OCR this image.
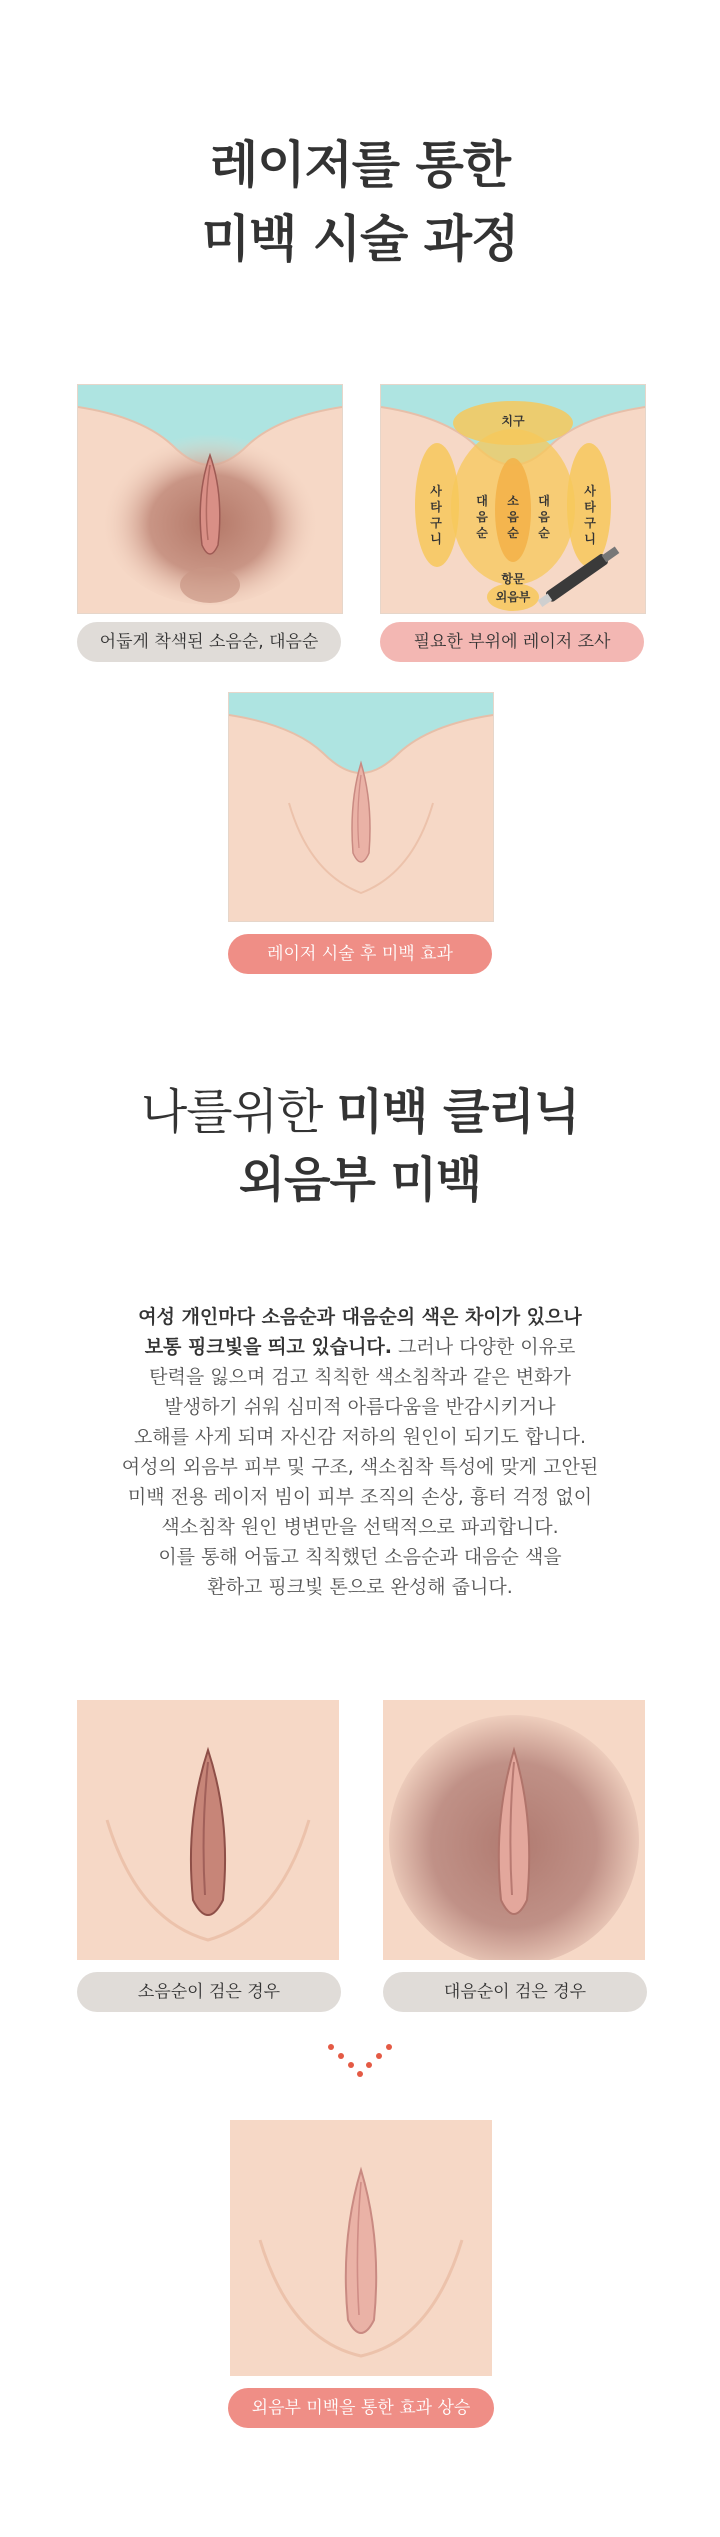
레이저를 통한
미백 시술 과정
어둡게 착색된 소음순, 대음순
치구
사
타
구
니
사
타
구
니
대
음
순
소
음
순
대
음
순
항문
외음부
필요한 부위에 레이저 조사
레이저 시술 후 미백 효과
나를위한 미백 클리닉
외음부 미백
여성 개인마다 소음순과 대음순의 색은 차이가 있으나
보통 핑크빛을 띄고 있습니다. 그러나 다양한 이유로
탄력을 잃으며 검고 칙칙한 색소침착과 같은 변화가
발생하기 쉬워 심미적 아름다움을 반감시키거나
오해를 사게 되며 자신감 저하의 원인이 되기도 합니다.
여성의 외음부 피부 및 구조, 색소침착 특성에 맞게 고안된
미백 전용 레이저 빔이 피부 조직의 손상, 흉터 걱정 없이
색소침착 원인 병변만을 선택적으로 파괴합니다.
이를 통해 어둡고 칙칙했던 소음순과 대음순 색을
환하고 핑크빛 톤으로 완성해 줍니다.
소음순이 검은 경우	대음순이 검은 경우
외음부 미백을 통한 효과 상승
